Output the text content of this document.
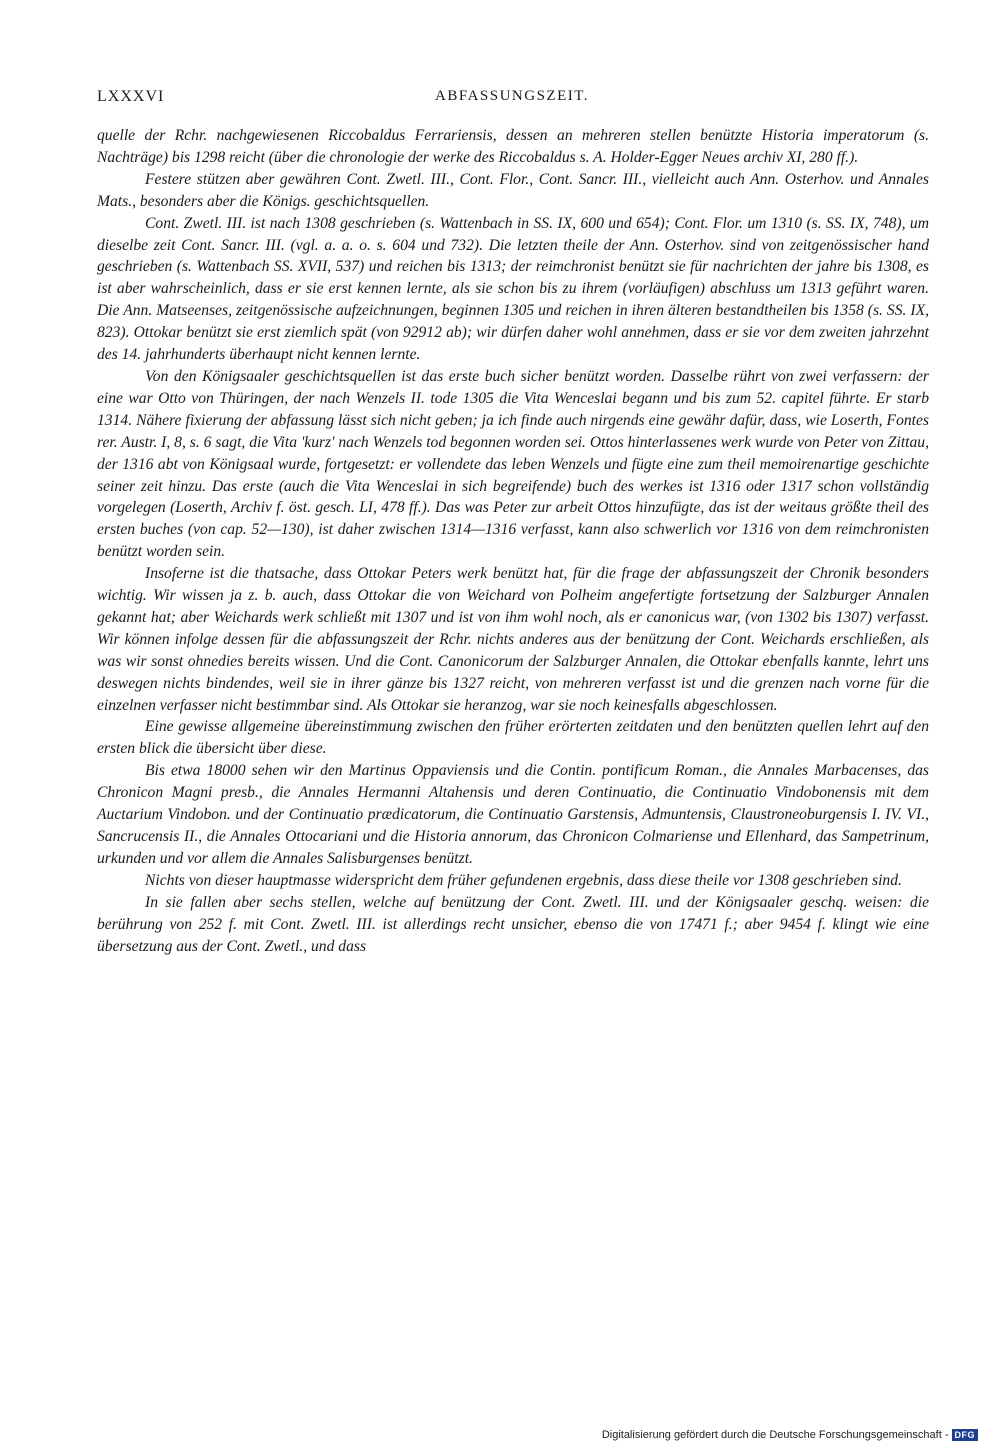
LXXXVI	ABFASSUNGSZEIT.

quelle der Rchr. nachgewiesenen Riccobaldus Ferrariensis, dessen an mehreren stellen benützte Historia imperatorum (s. Nachträge) bis 1298 reicht (über die chronologie der werke des Riccobaldus s. A. Holder-Egger Neues archiv XI, 280 ff.).

Festere stützen aber gewähren Cont. Zwetl. III., Cont. Flor., Cont. Sancr. III., vielleicht auch Ann. Osterhov. und Annales Mats., besonders aber die Königs. geschichtsquellen.

Cont. Zwetl. III. ist nach 1308 geschrieben (s. Wattenbach in SS. IX, 600 und 654); Cont. Flor. um 1310 (s. SS. IX, 748), um dieselbe zeit Cont. Sancr. III. (vgl. a. a. o. s. 604 und 732). Die letzten theile der Ann. Osterhov. sind von zeitgenössischer hand geschrieben (s. Wattenbach SS. XVII, 537) und reichen bis 1313; der reimchronist benützt sie für nachrichten der jahre bis 1308, es ist aber wahrscheinlich, dass er sie erst kennen lernte, als sie schon bis zu ihrem (vorläufigen) abschluss um 1313 geführt waren. Die Ann. Matseenses, zeitgenössische aufzeichnungen, beginnen 1305 und reichen in ihren älteren bestandtheilen bis 1358 (s. SS. IX, 823). Ottokar benützt sie erst ziemlich spät (von 92912 ab); wir dürfen daher wohl annehmen, dass er sie vor dem zweiten jahrzehnt des 14. jahrhunderts überhaupt nicht kennen lernte.

Von den Königsaaler geschichtsquellen ist das erste buch sicher benützt worden. Dasselbe rührt von zwei verfassern: der eine war Otto von Thüringen, der nach Wenzels II. tode 1305 die Vita Wenceslai begann und bis zum 52. capitel führte. Er starb 1314. Nähere fixierung der abfassung lässt sich nicht geben; ja ich finde auch nirgends eine gewähr dafür, dass, wie Loserth, Fontes rer. Austr. I, 8, s. 6 sagt, die Vita 'kurz' nach Wenzels tod begonnen worden sei. Ottos hinterlassenes werk wurde von Peter von Zittau, der 1316 abt von Königsaal wurde, fortgesetzt: er vollendete das leben Wenzels und fügte eine zum theil memoirenartige geschichte seiner zeit hinzu. Das erste (auch die Vita Wenceslai in sich begreifende) buch des werkes ist 1316 oder 1317 schon vollständig vorgelegen (Loserth, Archiv f. öst. gesch. LI, 478 ff.). Das was Peter zur arbeit Ottos hinzufügte, das ist der weitaus größte theil des ersten buches (von cap. 52—130), ist daher zwischen 1314—1316 verfasst, kann also schwerlich vor 1316 von dem reimchronisten benützt worden sein.

Insoferne ist die thatsache, dass Ottokar Peters werk benützt hat, für die frage der abfassungszeit der Chronik besonders wichtig. Wir wissen ja z. b. auch, dass Ottokar die von Weichard von Polheim angefertigte fortsetzung der Salzburger Annalen gekannt hat; aber Weichards werk schließt mit 1307 und ist von ihm wohl noch, als er canonicus war, (von 1302 bis 1307) verfasst. Wir können infolge dessen für die abfassungszeit der Rchr. nichts anderes aus der benützung der Cont. Weichards erschließen, als was wir sonst ohnedies bereits wissen. Und die Cont. Canonicorum der Salzburger Annalen, die Ottokar ebenfalls kannte, lehrt uns deswegen nichts bindendes, weil sie in ihrer gänze bis 1327 reicht, von mehreren verfasst ist und die grenzen nach vorne für die einzelnen verfasser nicht bestimmbar sind. Als Ottokar sie heranzog, war sie noch keinesfalls abgeschlossen.

Eine gewisse allgemeine übereinstimmung zwischen den früher erörterten zeitdaten und den benützten quellen lehrt auf den ersten blick die übersicht über diese.

Bis etwa 18000 sehen wir den Martinus Oppaviensis und die Contin. pontificum Roman., die Annales Marbacenses, das Chronicon Magni presb., die Annales Hermanni Altahensis und deren Continuatio, die Continuatio Vindobonensis mit dem Auctarium Vindobon. und der Continuatio prædicatorum, die Continuatio Garstensis, Admuntensis, Claustroneoburgensis I. IV. VI., Sancrucensis II., die Annales Ottocariani und die Historia annorum, das Chronicon Colmariense und Ellenhard, das Sampetrinum, urkunden und vor allem die Annales Salisburgenses benützt.

Nichts von dieser hauptmasse widerspricht dem früher gefundenen ergebnis, dass diese theile vor 1308 geschrieben sind.

In sie fallen aber sechs stellen, welche auf benützung der Cont. Zwetl. III. und der Königsaaler geschq. weisen: die berührung von 252 f. mit Cont. Zwetl. III. ist allerdings recht unsicher, ebenso die von 17471 f.; aber 9454 f. klingt wie eine übersetzung aus der Cont. Zwetl., und dass

Digitalisierung gefördert durch die Deutsche Forschungsgemeinschaft - DFG
